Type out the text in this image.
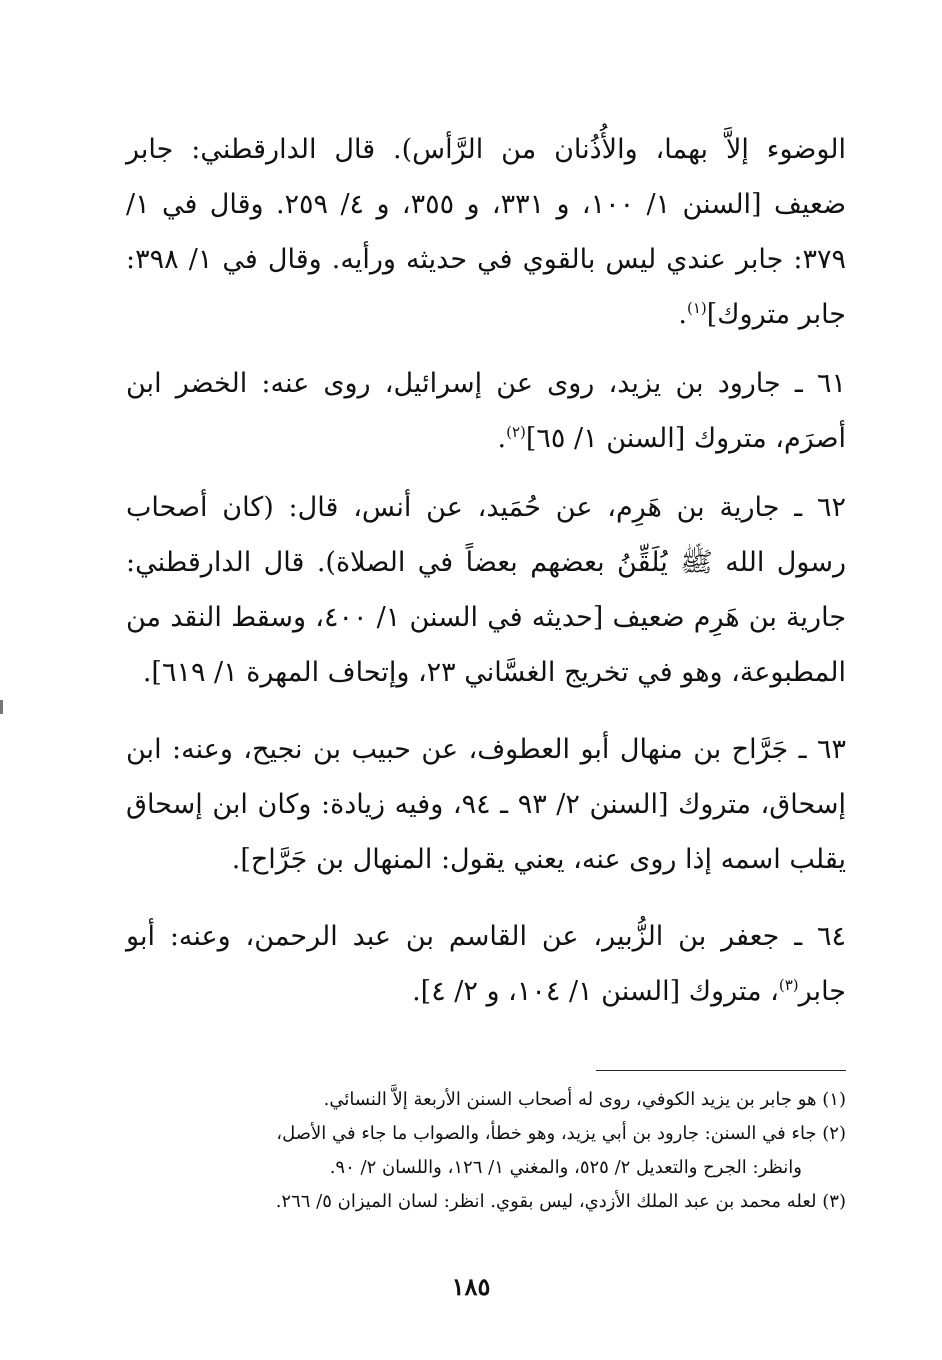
الوضوء إلاَّ بهما، والأُذُنان من الرَّأس). قال الدارقطني: جابر ضعيف [السنن ١/ ١٠٠، و ٣٣١، و ٣٥٥، و ٤/ ٢٥٩. وقال في ١/ ٣٧٩: جابر عندي ليس بالقوي في حديثه ورأيه. وقال في ١/ ٣٩٨: جابر متروك]$^{(١)}$.

٦١ ـ جارود بن يزيد، روى عن إسرائيل، روى عنه: الخضر ابن أصرَم، متروك [السنن ١/ ٦٥]$^{(٢)}$.

٦٢ ـ جارية بن هَرِم، عن حُمَيد، عن أنس، قال: (كان أصحاب رسول الله ﷺ يُلَقِّنُ بعضهم بعضاً في الصلاة). قال الدارقطني: جارية بن هَرِم ضعيف [حديثه في السنن ١/ ٤٠٠، وسقط النقد من المطبوعة، وهو في تخريج الغسَّاني ٢٣، وإتحاف المهرة ١/ ٦١٩].

٦٣ ـ جَرَّاح بن منهال أبو العطوف، عن حبيب بن نجيح، وعنه: ابن إسحاق، متروك [السنن ٢/ ٩٣ ـ ٩٤، وفيه زيادة: وكان ابن إسحاق يقلب اسمه إذا روى عنه، يعني يقول: المنهال بن جَرَّاح].

٦٤ ـ جعفر بن الزُّبير، عن القاسم بن عبد الرحمن، وعنه: أبو جابر$^{(٣)}$، متروك [السنن ١/ ١٠٤، و ٢/ ٤].

(١) هو جابر بن يزيد الكوفي، روى له أصحاب السنن الأربعة إلاَّ النسائي.

(٢) جاء في السنن: جارود بن أبي يزيد، وهو خطأ، والصواب ما جاء في الأصل،

وانظر: الجرح والتعديل ٢/ ٥٢٥، والمغني ١/ ١٢٦، واللسان ٢/ ٩٠.

(٣) لعله محمد بن عبد الملك الأزدي، ليس بقوي. انظر: لسان الميزان ٥/ ٢٦٦.

١٨٥
